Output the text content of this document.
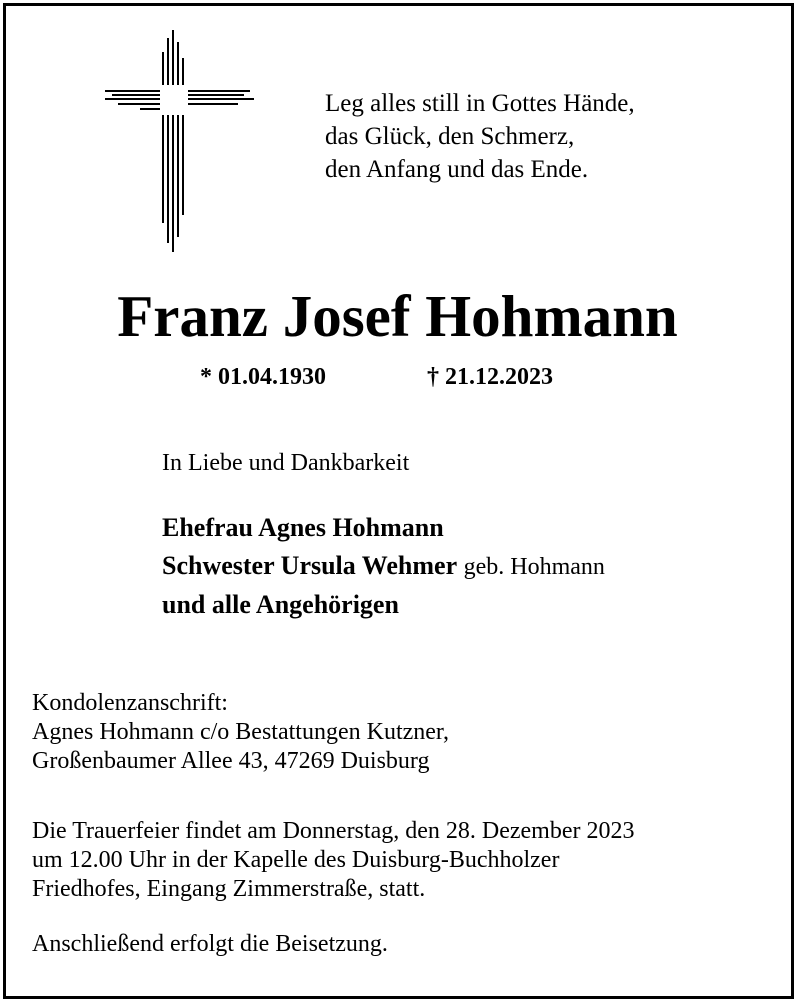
Leg alles still in Gottes Hände,
das Glück, den Schmerz,
den Anfang und das Ende.
Franz Josef Hohmann
* 01.04.1930	† 21.12.2023
In Liebe und Dankbarkeit
Ehefrau Agnes Hohmann
Schwester Ursula Wehmer geb. Hohmann
und alle Angehörigen
Kondolenzanschrift:
Agnes Hohmann c/o Bestattungen Kutzner,
Großenbaumer Allee 43, 47269 Duisburg
Die Trauerfeier findet am Donnerstag, den 28. Dezember 2023
um 12.00 Uhr in der Kapelle des Duisburg-Buchholzer
Friedhofes, Eingang Zimmerstraße, statt.
Anschließend erfolgt die Beisetzung.
